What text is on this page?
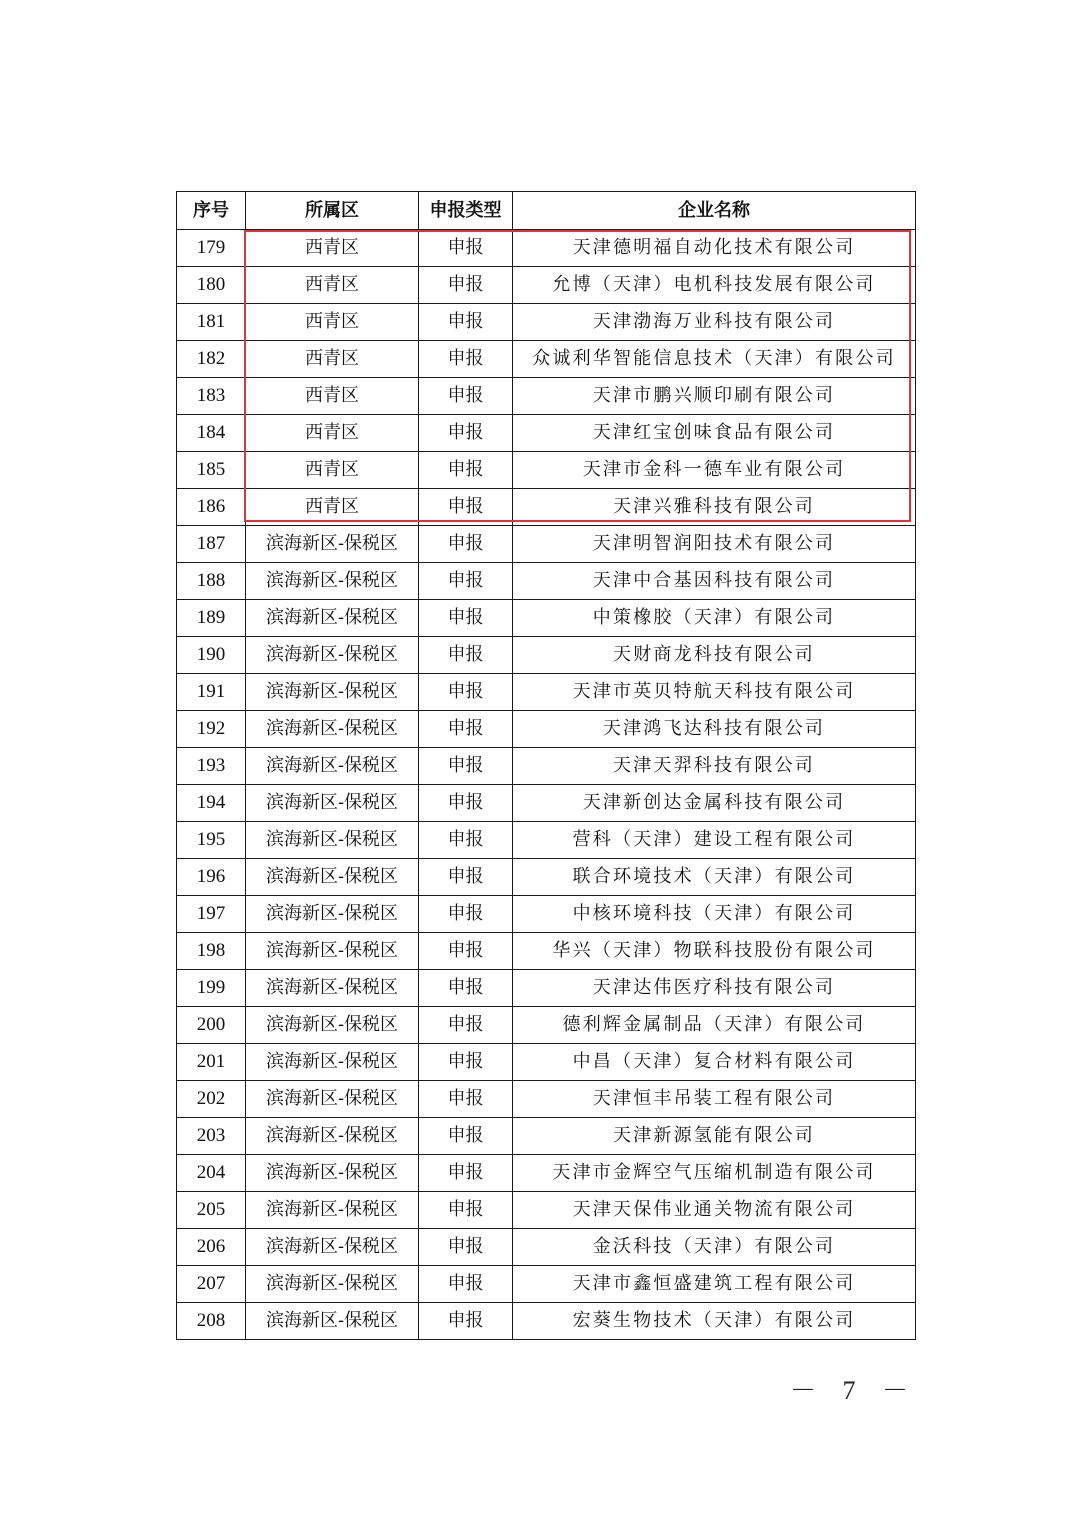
序号	所属区	申报类型	企业名称
179	西青区	申报	天津德明福自动化技术有限公司
180	西青区	申报	允博（天津）电机科技发展有限公司
181	西青区	申报	天津渤海万业科技有限公司
182	西青区	申报	众诚利华智能信息技术（天津）有限公司
183	西青区	申报	天津市鹏兴顺印刷有限公司
184	西青区	申报	天津红宝创味食品有限公司
185	西青区	申报	天津市金科一德车业有限公司
186	西青区	申报	天津兴雅科技有限公司
187	滨海新区-保税区	申报	天津明智润阳技术有限公司
188	滨海新区-保税区	申报	天津中合基因科技有限公司
189	滨海新区-保税区	申报	中策橡胶（天津）有限公司
190	滨海新区-保税区	申报	天财商龙科技有限公司
191	滨海新区-保税区	申报	天津市英贝特航天科技有限公司
192	滨海新区-保税区	申报	天津鸿飞达科技有限公司
193	滨海新区-保税区	申报	天津天羿科技有限公司
194	滨海新区-保税区	申报	天津新创达金属科技有限公司
195	滨海新区-保税区	申报	营科（天津）建设工程有限公司
196	滨海新区-保税区	申报	联合环境技术（天津）有限公司
197	滨海新区-保税区	申报	中核环境科技（天津）有限公司
198	滨海新区-保税区	申报	华兴（天津）物联科技股份有限公司
199	滨海新区-保税区	申报	天津达伟医疗科技有限公司
200	滨海新区-保税区	申报	德利辉金属制品（天津）有限公司
201	滨海新区-保税区	申报	中昌（天津）复合材料有限公司
202	滨海新区-保税区	申报	天津恒丰吊装工程有限公司
203	滨海新区-保税区	申报	天津新源氢能有限公司
204	滨海新区-保税区	申报	天津市金辉空气压缩机制造有限公司
205	滨海新区-保税区	申报	天津天保伟业通关物流有限公司
206	滨海新区-保税区	申报	金沃科技（天津）有限公司
207	滨海新区-保税区	申报	天津市鑫恒盛建筑工程有限公司
208	滨海新区-保税区	申报	宏葵生物技术（天津）有限公司
－ 7 －
